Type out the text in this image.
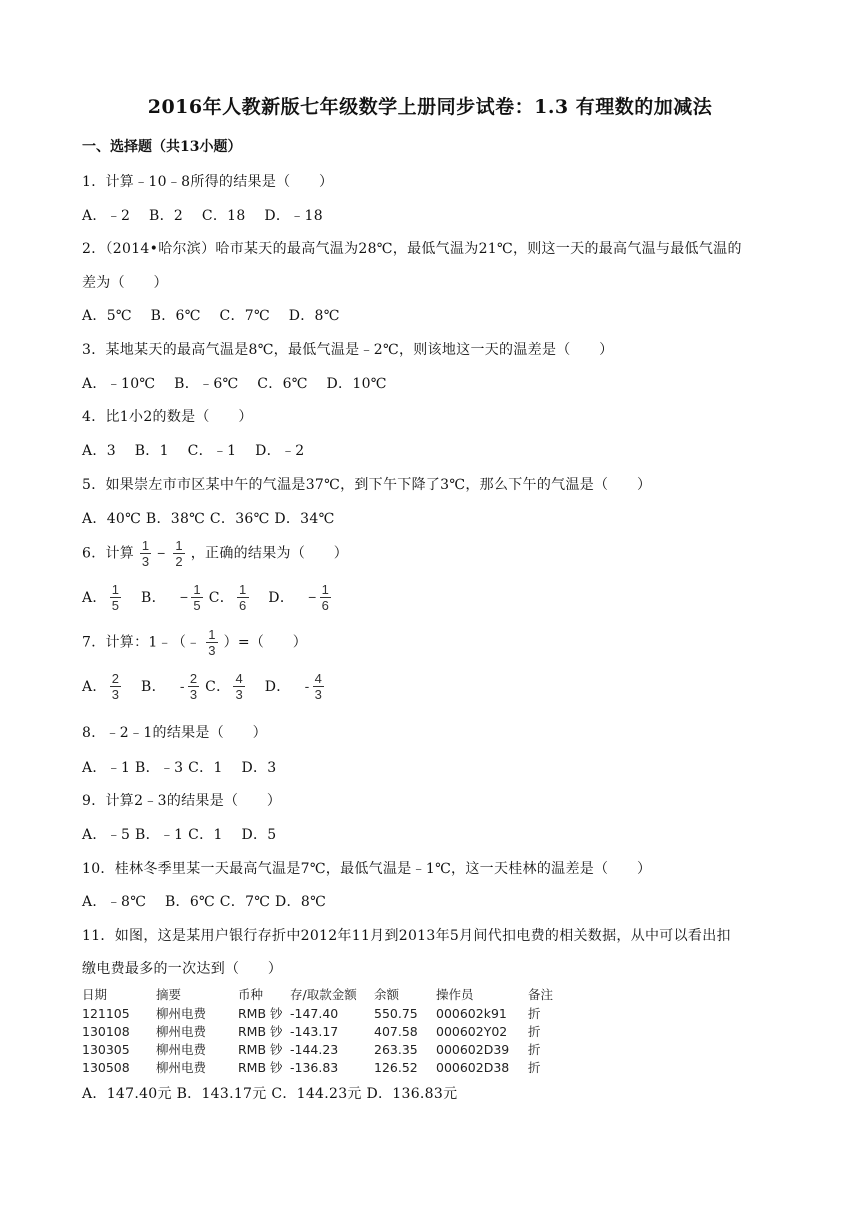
2016年人教新版七年级数学上册同步试卷：1.3 有理数的加减法
一、选择题（共13小题）
1．计算﹣10﹣8所得的结果是（　　）
A．﹣2 B．2 C．18 D．﹣18
2．（2014•哈尔滨）哈市某天的最高气温为28℃，最低气温为21℃，则这一天的最高气温与最低气温的
差为（　　）
A．5℃ B．6℃ C．7℃ D．8℃
3．某地某天的最高气温是8℃，最低气温是﹣2℃，则该地这一天的温差是（　　）
A．﹣10℃ B．﹣6℃ C．6℃ D．10℃
4．比1小2的数是（　　）
A．3 B．1 C．﹣1 D．﹣2
5．如果崇左市市区某中午的气温是37℃，到下午下降了3℃，那么下午的气温是（　　）
A．40℃ B．38℃ C．36℃ D．34℃
6．计算 $\frac{1}{3} - \frac{1}{2}$ ，正确的结果为（　　）
A． $\frac{1}{5}$ B． − $\frac{1}{5}$ C． $\frac{1}{6}$ D． − $\frac{1}{6}$
7．计算：1﹣（﹣ $\frac{1}{3}$ ）=（　　）
A． $\frac{2}{3}$ B． - $\frac{2}{3}$ C． $\frac{4}{3}$ D． - $\frac{4}{3}$
8．﹣2﹣1的结果是（　　）
A．﹣1 B．﹣3 C．1 D．3
9．计算2﹣3的结果是（　　）
A．﹣5 B．﹣1 C．1 D．5
10．桂林冬季里某一天最高气温是7℃，最低气温是﹣1℃，这一天桂林的温差是（　　）
A．﹣8℃ B．6℃ C．7℃ D．8℃
11．如图，这是某用户银行存折中2012年11月到2013年5月间代扣电费的相关数据，从中可以看出扣
缴电费最多的一次达到（　　）
日期	摘要	币种	存/取款金额	余额	操作员	备注
121105	柳州电费	RMB 钞	-147.40	550.75	000602k91	折
130108	柳州电费	RMB 钞	-143.17	407.58	000602Y02	折
130305	柳州电费	RMB 钞	-144.23	263.35	000602D39	折
130508	柳州电费	RMB 钞	-136.83	126.52	000602D38	折
A．147.40元 B．143.17元 C．144.23元 D．136.83元
